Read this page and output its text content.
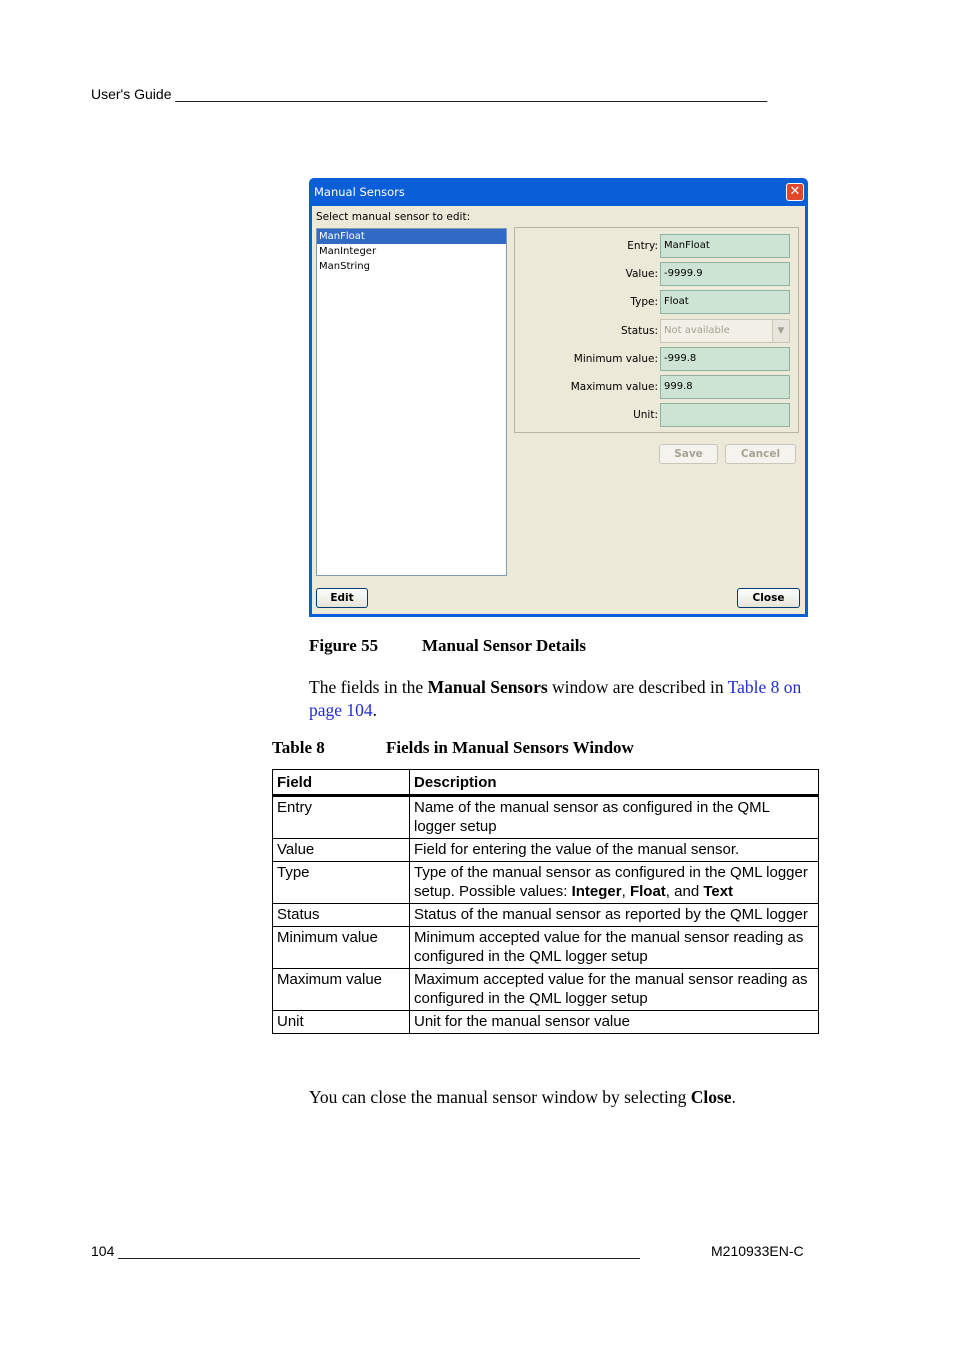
User's Guide ____________________________________________________________________________
Manual Sensors	✕
Select manual sensor to edit:
ManFloat
ManInteger
ManString
Entry: ManFloat
Value: -9999.9
Type: Float
Status: Not available	▼
Minimum value: -999.8
Maximum value: 999.8
Unit:
Save	Cancel
Edit	Close
Figure 55	Manual Sensor Details
The fields in the Manual Sensors window are described in Table 8 on page 104.
Table 8	Fields in Manual Sensors Window
Field	Description
Entry	Name of the manual sensor as configured in the QML logger setup
Value	Field for entering the value of the manual sensor.
Type	Type of the manual sensor as configured in the QML logger setup. Possible values: Integer, Float, and Text
Status	Status of the manual sensor as reported by the QML logger
Minimum value	Minimum accepted value for the manual sensor reading as configured in the QML logger setup
Maximum value	Maximum accepted value for the manual sensor reading as configured in the QML logger setup
Unit	Unit for the manual sensor value
You can close the manual sensor window by selecting Close.
104 ___________________________________________________________________	M210933EN-C
